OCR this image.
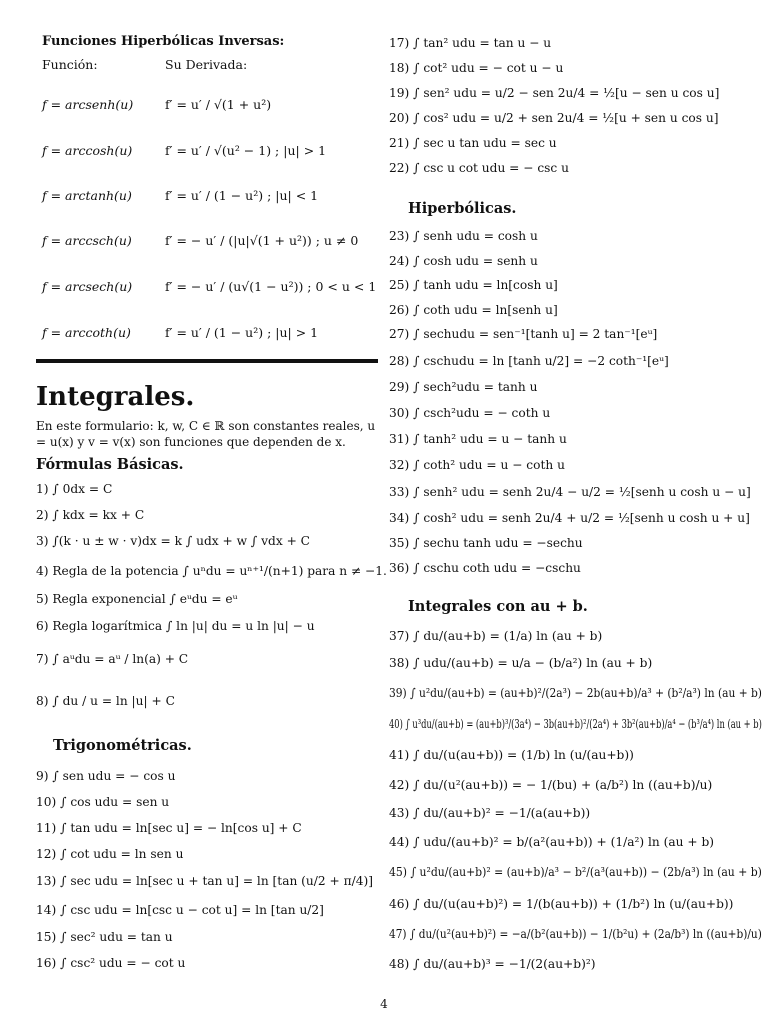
Funciones Hiperbólicas Inversas:
Función:	Su Derivada:
f = arcsenh(u)	f′ = u′ / √(1 + u²)
f = arccosh(u)	f′ = u′ / √(u² − 1) ; |u| > 1
f = arctanh(u)	f′ = u′ / (1 − u²) ; |u| < 1
f = arccsch(u)	f′ = − u′ / (|u|√(1 + u²)) ; u ≠ 0
f = arcsech(u)	f′ = − u′ / (u√(1 − u²)) ; 0 < u < 1
f = arccoth(u)	f′ = u′ / (1 − u²) ; |u| > 1
Integrales.
En este formulario: k, w, C ∈ ℝ son constantes reales, u = u(x) y v = v(x) son funciones que dependen de x.
Fórmulas Básicas.
1) ∫ 0dx = C
2) ∫ kdx = kx + C
3) ∫(k · u ± w · v)dx = k ∫ udx + w ∫ vdx + C
4) Regla de la potencia ∫ uⁿdu = uⁿ⁺¹/(n+1) para n ≠ −1.
5) Regla exponencial ∫ eᵘdu = eᵘ
6) Regla logarítmica ∫ ln |u| du = u ln |u| − u
7) ∫ aᵘdu = aᵘ / ln(a) + C
8) ∫ du / u = ln |u| + C
Trigonométricas.
9) ∫ sen udu = − cos u
10) ∫ cos udu = sen u
11) ∫ tan udu = ln[sec u] = − ln[cos u] + C
12) ∫ cot udu = ln sen u
13) ∫ sec udu = ln[sec u + tan u] = ln [tan (u/2 + π/4)]
14) ∫ csc udu = ln[csc u − cot u] = ln [tan u/2]
15) ∫ sec² udu = tan u
16) ∫ csc² udu = − cot u
17) ∫ tan² udu = tan u − u
18) ∫ cot² udu = − cot u − u
19) ∫ sen² udu = u/2 − sen 2u/4 = ½[u − sen u cos u]
20) ∫ cos² udu = u/2 + sen 2u/4 = ½[u + sen u cos u]
21) ∫ sec u tan udu = sec u
22) ∫ csc u cot udu = − csc u
Hiperbólicas.
23) ∫ senh udu = cosh u
24) ∫ cosh udu = senh u
25) ∫ tanh udu = ln[cosh u]
26) ∫ coth udu = ln[senh u]
27) ∫ sechudu = sen⁻¹[tanh u] = 2 tan⁻¹[eᵘ]
28) ∫ cschudu = ln [tanh u/2] = −2 coth⁻¹[eᵘ]
29) ∫ sech²udu = tanh u
30) ∫ csch²udu = − coth u
31) ∫ tanh² udu = u − tanh u
32) ∫ coth² udu = u − coth u
33) ∫ senh² udu = senh 2u/4 − u/2 = ½[senh u cosh u − u]
34) ∫ cosh² udu = senh 2u/4 + u/2 = ½[senh u cosh u + u]
35) ∫ sechu tanh udu = −sechu
36) ∫ cschu coth udu = −cschu
Integrales con au + b.
37) ∫ du/(au+b) = (1/a) ln (au + b)
38) ∫ udu/(au+b) = u/a − (b/a²) ln (au + b)
39) ∫ u²du/(au+b) = (au+b)²/(2a³) − 2b(au+b)/a³ + (b²/a³) ln (au + b)
40) ∫ u³du/(au+b) = (au+b)³/(3a⁴) − 3b(au+b)²/(2a⁴) + 3b²(au+b)/a⁴ − (b³/a⁴) ln (au + b)
41) ∫ du/(u(au+b)) = (1/b) ln (u/(au+b))
42) ∫ du/(u²(au+b)) = − 1/(bu) + (a/b²) ln ((au+b)/u)
43) ∫ du/(au+b)² = −1/(a(au+b))
44) ∫ udu/(au+b)² = b/(a²(au+b)) + (1/a²) ln (au + b)
45) ∫ u²du/(au+b)² = (au+b)/a³ − b²/(a³(au+b)) − (2b/a³) ln (au + b)
46) ∫ du/(u(au+b)²) = 1/(b(au+b)) + (1/b²) ln (u/(au+b))
47) ∫ du/(u²(au+b)²) = −a/(b²(au+b)) − 1/(b²u) + (2a/b³) ln ((au+b)/u)
48) ∫ du/(au+b)³ = −1/(2(au+b)²)
4
